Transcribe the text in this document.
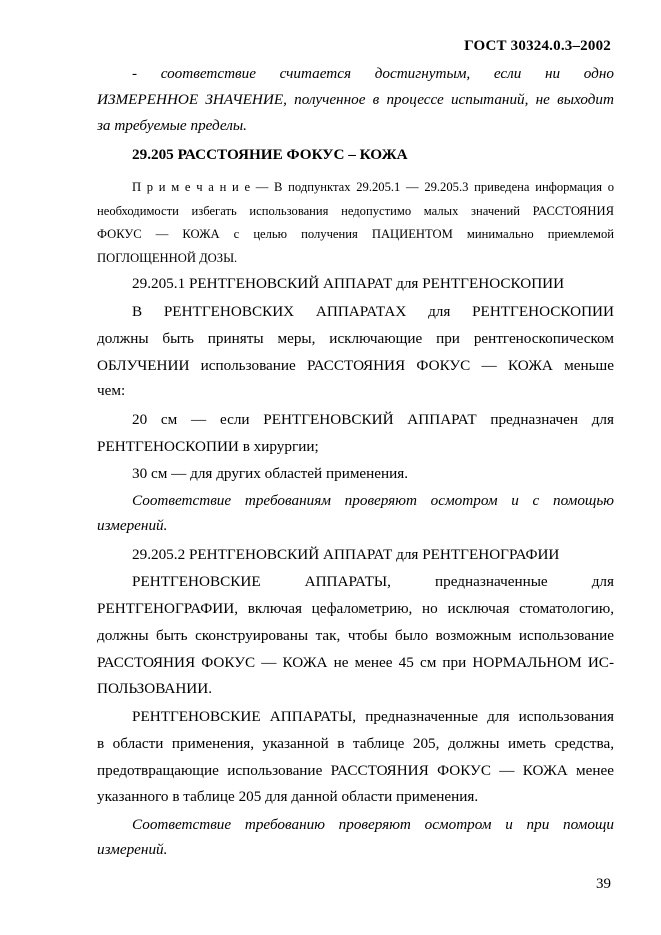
ГОСТ 30324.0.3–2002
- соответствие считается достигнутым, если ни одно
ИЗМЕРЕННОЕ ЗНАЧЕНИЕ, полученное в процессе испытаний, не выходит
за требуемые пределы.
29.205 РАССТОЯНИЕ ФОКУС – КОЖА
П р и м е ч а н и е — В подпунктах 29.205.1 — 29.205.3 приведена информация о
необходимости избегать использования недопустимо малых значений РАССТОЯНИЯ
ФОКУС — КОЖА с целью получения ПАЦИЕНТОМ минимально приемлемой
ПОГЛОЩЕННОЙ ДОЗЫ.
29.205.1 РЕНТГЕНОВСКИЙ АППАРАТ для РЕНТГЕНОСКОПИИ
В РЕНТГЕНОВСКИХ АППАРАТАХ для РЕНТГЕНОСКОПИИ
должны быть приняты меры, исключающие при рентгеноскопическом
ОБЛУЧЕНИИ использование РАССТОЯНИЯ ФОКУС — КОЖА меньше
чем:
20 см — если РЕНТГЕНОВСКИЙ АППАРАТ предназначен для
РЕНТГЕНОСКОПИИ в хирургии;
30 см — для других областей применения.
Соответствие требованиям проверяют осмотром и с помощью
измерений.
29.205.2 РЕНТГЕНОВСКИЙ АППАРАТ для РЕНТГЕНОГРАФИИ
РЕНТГЕНОВСКИЕ АППАРАТЫ, предназначенные для
РЕНТГЕНОГРАФИИ, включая цефалометрию, но исключая стоматологию,
должны быть сконструированы так, чтобы было возможным использование
РАССТОЯНИЯ ФОКУС — КОЖА не менее 45 см при НОРМАЛЬНОМ ИС-
ПОЛЬЗОВАНИИ.
РЕНТГЕНОВСКИЕ АППАРАТЫ, предназначенные для использования
в области применения, указанной в таблице 205, должны иметь средства,
предотвращающие использование РАССТОЯНИЯ ФОКУС — КОЖА менее
указанного в таблице 205 для данной области применения.
Соответствие требованию проверяют осмотром и при помощи
измерений.
39
